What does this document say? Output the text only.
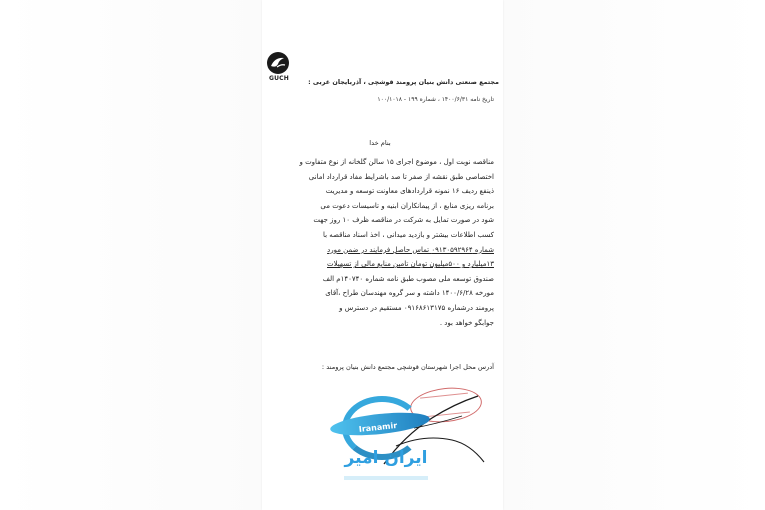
GUCH	مجتمع صنعتی دانش بنیان پرومند قوشچی ، آذربایجان غربی :
تاریخ نامه ۱۴۰۰/۶/۳۱ ، شماره ۱۹۹ - ۱۰۰/۱۰۱۸
بنام خدا
مناقصه نوبت اول ، موضوع اجرای ۱۵ سالن گلخانه از نوع متفاوت و
اختصاصی طبق نقشه از صفر تا صد باشرایط مفاد قرارداد امانی
ذینفع ردیف ۱۶ نمونه قراردادهای معاونت توسعه و مدیریت
برنامه ریزی منابع ، از پیمانکاران ابنیه و تاسیسات دعوت می
شود در صورت تمایل به شرکت در مناقصه ظرف ۱۰ روز جهت
کسب اطلاعات بیشتر و بازدید میدانی ، اخذ اسناد مناقصه با
شماره ۰۹۱۳۰۵۹۲۹۶۴ تماس حاصل فرمایند در ضمن مورد
۱۳میلیارد و ۵۰۰میلیون تومان تامین منابع مالی از تسهیلات
صندوق توسعه ملی مصوب طبق نامه شماره ۱۴۰۷۴۰م الف
مورخه ۱۴۰۰/۶/۲۸ داشته و سر گروه مهندسان طراح ،آقای
پرومند درشماره ۰۹۱۶۸۶۱۳۱۷۵ مستقیم در دسترس و
جوابگو خواهد بود .
آدرس محل اجرا شهرستان قوشچی مجتمع دانش بنیان پرومند :
Iranamir
ایران امیر
